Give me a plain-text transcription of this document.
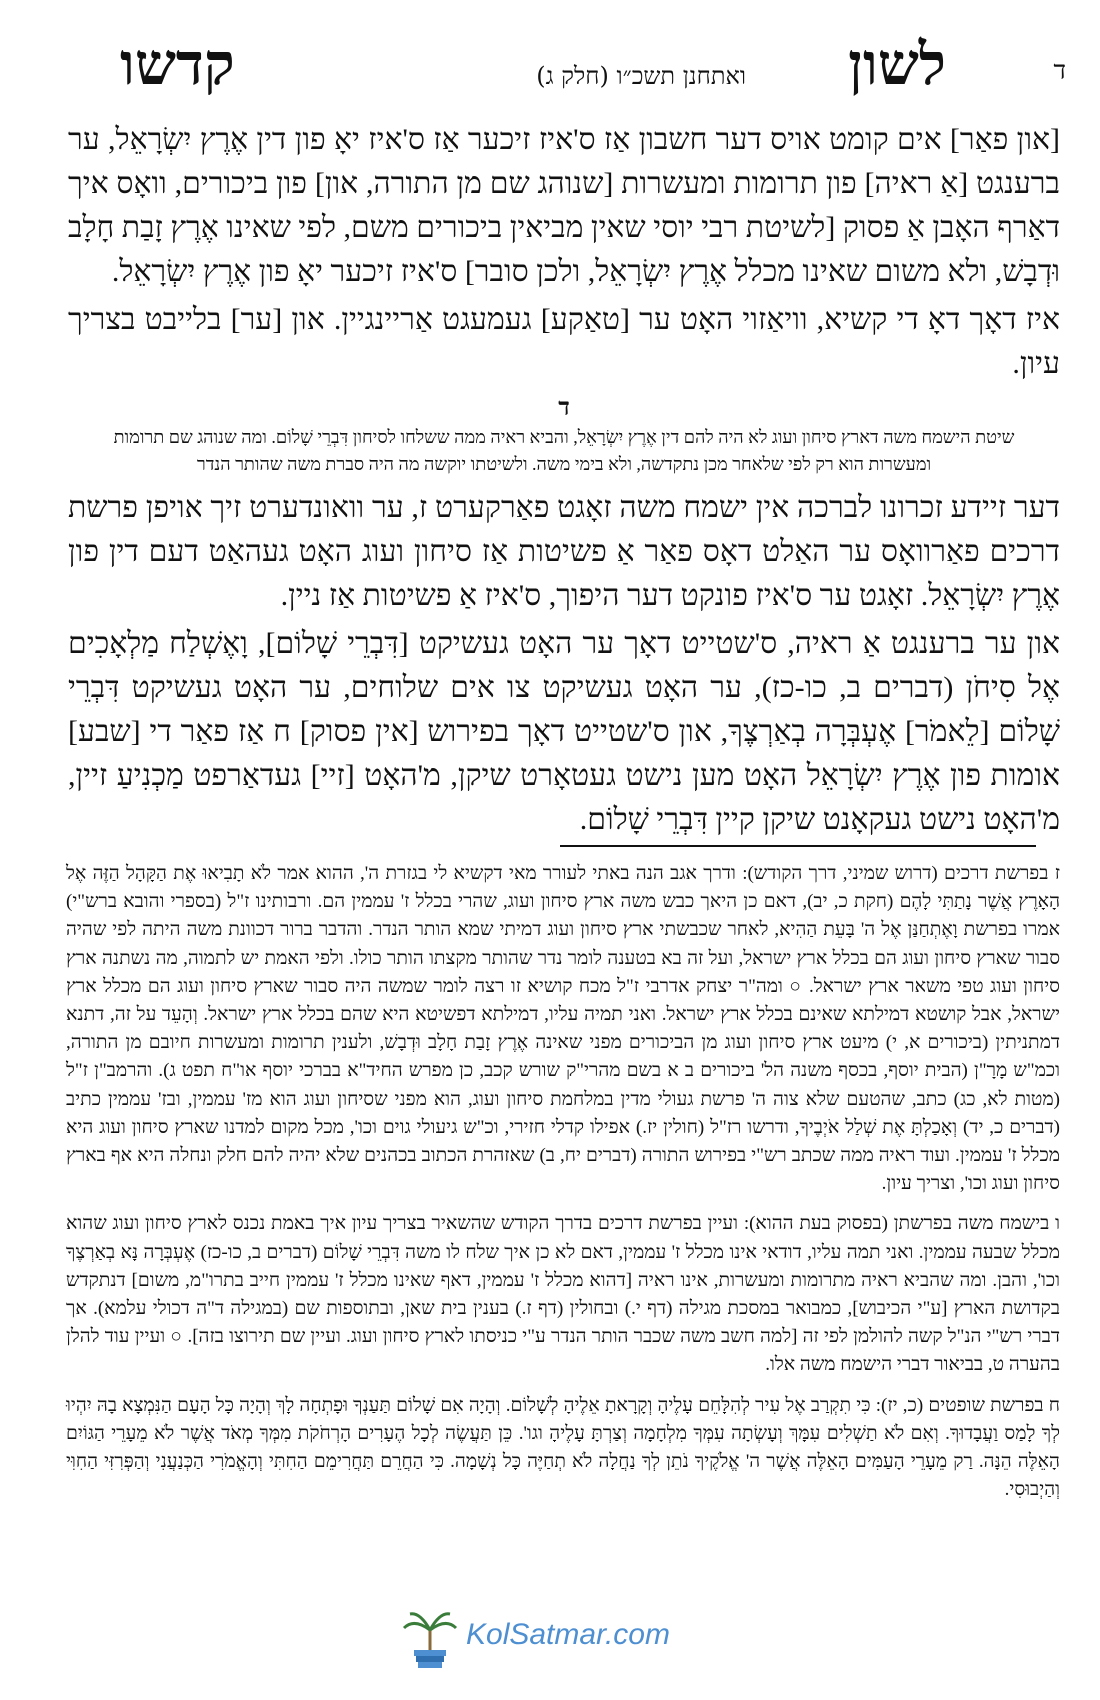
ד
לשון
ואתחנן תשכ״ו (חלק ג)
קדשו

[און פאַר] אים קומט אויס דער חשבון אַז ס'איז זיכער אַז ס'איז יאָ פון דין אֶרֶץ יִשְׂרָאֵל, ער ברענגט [אַ ראיה] פון תרומות ומעשרות [שנוהג שם מן התורה, און] פון ביכורים, וואָס איך דאַרף האָבן אַ פסוק [לשיטת רבי יוסי שאין מביאין ביכורים משם, לפי שאינו אֶרֶץ זָבַת חָלָב וּדְבָשׁ, ולא משום שאינו מכלל אֶרֶץ יִשְׂרָאֵל, ולכן סובר] ס'איז זיכער יאָ פון אֶרֶץ יִשְׂרָאֵל.

איז דאָך דאָ די קשיא, וויאַזוי האָט ער [טאַקע] געמעגט אַריינגיין. און [ער] בלייבט בצריך עיון.

ד
שיטת הישמח משה דארץ סיחון ועוג לא היה להם דין אֶרֶץ יִשְׂרָאֵל, והביא ראיה ממה ששלחו לסיחון דִּבְרֵי שָׁלוֹם. ומה שנוהג שם תרומות ומעשרות הוא רק לפי שלאחר מכן נתקדשה, ולא בימי משה. ולשיטתו יוקשה מה היה סברת משה שהותר הנדר

דער זיידע זכרונו לברכה אין ישמח משה זאָגט פאַרקערט ז, ער וואונדערט זיך אויפן פרשת דרכים פאַרוואָס ער האַלט דאָס פאַר אַ פשיטות אַז סיחון ועוג האָט געהאַט דעם דין פון אֶרֶץ יִשְׂרָאֵל. זאָגט ער ס'איז פונקט דער היפוך, ס'איז אַ פשיטות אַז ניין.

און ער ברענגט אַ ראיה, ס'שטייט דאָך ער האָט געשיקט [דִּבְרֵי שָׁלוֹם], וָאֶשְׁלַח מַלְאָכִים אֶל סִיחֹן (דברים ב, כו-כז), ער האָט געשיקט צו אים שלוחים, ער האָט געשיקט דִּבְרֵי שָׁלוֹם [לֵאמֹר] אֶעְבְּרָה בְאַרְצֶךָ, און ס'שטייט דאָך בפירוש [אין פסוק] ח אַז פאַר די [שבע] אומות פון אֶרֶץ יִשְׂרָאֵל האָט מען נישט געטאָרט שיקן, מ'האָט [זיי] געדאַרפט מַכְנִיעַ זיין, מ'האָט נישט געקאָנט שיקן קיין דִּבְרֵי שָׁלוֹם.

ז בפרשת דרכים (דרוש שמיני, דרך הקודש): ודרך אגב הנה באתי לעורר מאי דקשיא לי בגזרת ה', ההוא אמר לֹא תָבִיאוּ אֶת הַקָּהָל הַזֶּה אֶל הָאָרֶץ אֲשֶׁר נָתַתִּי לָהֶם (חקת כ, יב), דאם כן היאך כבש משה ארץ סיחון ועוג, שהרי בכלל ז' עממין הם. ורבותינו ז"ל (בספרי והובא ברש"י) אמרו בפרשת וָאֶתְחַנַּן אֶל ה' בָּעֵת הַהִיא, לאחר שכבשתי ארץ סיחון ועוג דמיתי שמא הותר הנדר. והדבר ברור דכוונת משה היתה לפי שהיה סבור שארץ סיחון ועוג הם בכלל ארץ ישראל, ועל זה בא בטענה לומר נדר שהותר מקצתו הותר כולו. ולפי האמת יש לתמוה, מה נשתנה ארץ סיחון ועוג טפי משאר ארץ ישראל. ○ ומה"ר יצחק אדרבי ז"ל מכח קושיא זו רצה לומר שמשה היה סבור שארץ סיחון ועוג הם מכלל ארץ ישראל, אבל קושטא דמילתא שאינם בכלל ארץ ישראל. ואני תמיה עליו, דמילתא דפשיטא היא שהם בכלל ארץ ישראל. וְהָעֵד על זה, דתנא דמתניתין (ביכורים א, י) מיעט ארץ סיחון ועוג מן הביכורים מפני שאינה אֶרֶץ זָבַת חָלָב וּדְבָשׁ, ולענין תרומות ומעשרות חיובם מן התורה, וכמ"ש מָרָ"ן (הבית יוסף, בכסף משנה הל' ביכורים ב א בשם מהרי"ק שורש קכב, כן מפרש החיד"א בברכי יוסף או"ח תפט ג). והרמב"ן ז"ל (מטות לא, כג) כתב, שהטעם שלא צוה ה' פרשת געולי מדין במלחמת סיחון ועוג, הוא מפני שסיחון ועוג הוא מז' עממין, ובז' עממין כתיב (דברים כ, יד) וְאָכַלְתָּ אֶת שְׁלַל אֹיְבֶיךָ, ודרשו רז"ל (חולין יז.) אפילו קדלי חזירי, וכ"ש גיעולי גוים וכו', מכל מקום למדנו שארץ סיחון ועוג היא מכלל ז' עממין. ועוד ראיה ממה שכתב רש"י בפירוש התורה (דברים יח, ב) שאזהרת הכתוב בכהנים שלא יהיה להם חלק ונחלה היא אף בארץ סיחון ועוג וכו', וצריך עיון.

ו בישמח משה בפרשתן (בפסוק בעת ההוא): ועיין בפרשת דרכים בדרך הקודש שהשאיר בצריך עיון איך באמת נכנס לארץ סיחון ועוג שהוא מכלל שבעה עממין. ואני תמה עליו, דודאי אינו מכלל ז' עממין, דאם לא כן איך שלח לו משה דִּבְרֵי שָׁלוֹם (דברים ב, כו-כז) אֶעְבְּרָה נָּא בְאַרְצֶךָ וכו', והבן. ומה שהביא ראיה מתרומות ומעשרות, אינו ראיה [דהוא מכלל ז' עממין, דאף שאינו מכלל ז' עממין חייב בתרו"מ, משום] דנתקדש בקדושת הארץ [ע"י הכיבוש], כמבואר במסכת מגילה (דף י.) ובחולין (דף ז.) בענין בית שאן, ובתוספות שם (במגילה ד"ה דכולי עלמא). אך דברי רש"י הנ"ל קשה להולמן לפי זה [למה חשב משה שכבר הותר הנדר ע"י כניסתו לארץ סיחון ועוג. ועיין שם תירוצו בזה]. ○ ועיין עוד להלן בהערה ט, בביאור דברי הישמח משה אלו.

ח בפרשת שופטים (כ, יז): כִּי תִקְרַב אֶל עִיר לְהִלָּחֵם עָלֶיהָ וְקָרָאתָ אֵלֶיהָ לְשָׁלוֹם. וְהָיָה אִם שָׁלוֹם תַּעַנְךָ וּפָתְחָה לָךְ וְהָיָה כָּל הָעָם הַנִּמְצָא בָהּ יִהְיוּ לְךָ לָמַס וַעֲבָדוּךָ. וְאִם לֹא תַשְׁלִים עִמָּךְ וְעָשְׂתָה עִמְּךָ מִלְחָמָה וְצַרְתָּ עָלֶיהָ וגו'. כֵּן תַּעֲשֶׂה לְכָל הֶעָרִים הָרְחֹקֹת מִמְּךָ מְאֹד אֲשֶׁר לֹא מֵעָרֵי הַגּוֹיִם הָאֵלֶּה הֵנָּה. רַק מֵעָרֵי הָעַמִּים הָאֵלֶּה אֲשֶׁר ה' אֱלֹקֶיךָ נֹתֵן לְךָ נַחֲלָה לֹא תְחַיֶּה כָּל נְשָׁמָה. כִּי הַחֲרֵם תַּחֲרִימֵם הַחִתִּי וְהָאֱמֹרִי הַכְּנַעֲנִי וְהַפְּרִזִּי הַחִוִּי וְהַיְבוּסִי.

KolSatmar.com
